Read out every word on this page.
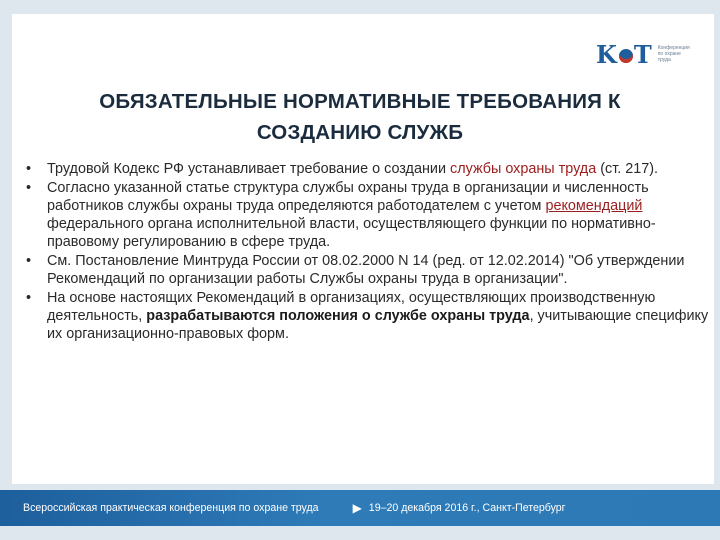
K T Конференция по охране труда
ОБЯЗАТЕЛЬНЫЕ НОРМАТИВНЫЕ ТРЕБОВАНИЯ К СОЗДАНИЮ СЛУЖБ
• Трудовой Кодекс РФ устанавливает требование о создании службы охраны труда (ст. 217).
• Согласно указанной статье структура службы охраны труда в организации и численность работников службы охраны труда определяются работодателем с учетом рекомендаций федерального органа исполнительной власти, осуществляющего функции по нормативно-правовому регулированию в сфере труда.
• См. Постановление Минтруда России от 08.02.2000 N 14 (ред. от 12.02.2014) "Об утверждении Рекомендаций по организации работы Службы охраны труда в организации".
• На основе настоящих Рекомендаций в организациях, осуществляющих производственную деятельность, разрабатываются положения о службе охраны труда, учитывающие специфику их организационно-правовых форм.
Всероссийская практическая конференция по охране труда	▶ 19–20 декабря 2016 г., Санкт-Петербург
